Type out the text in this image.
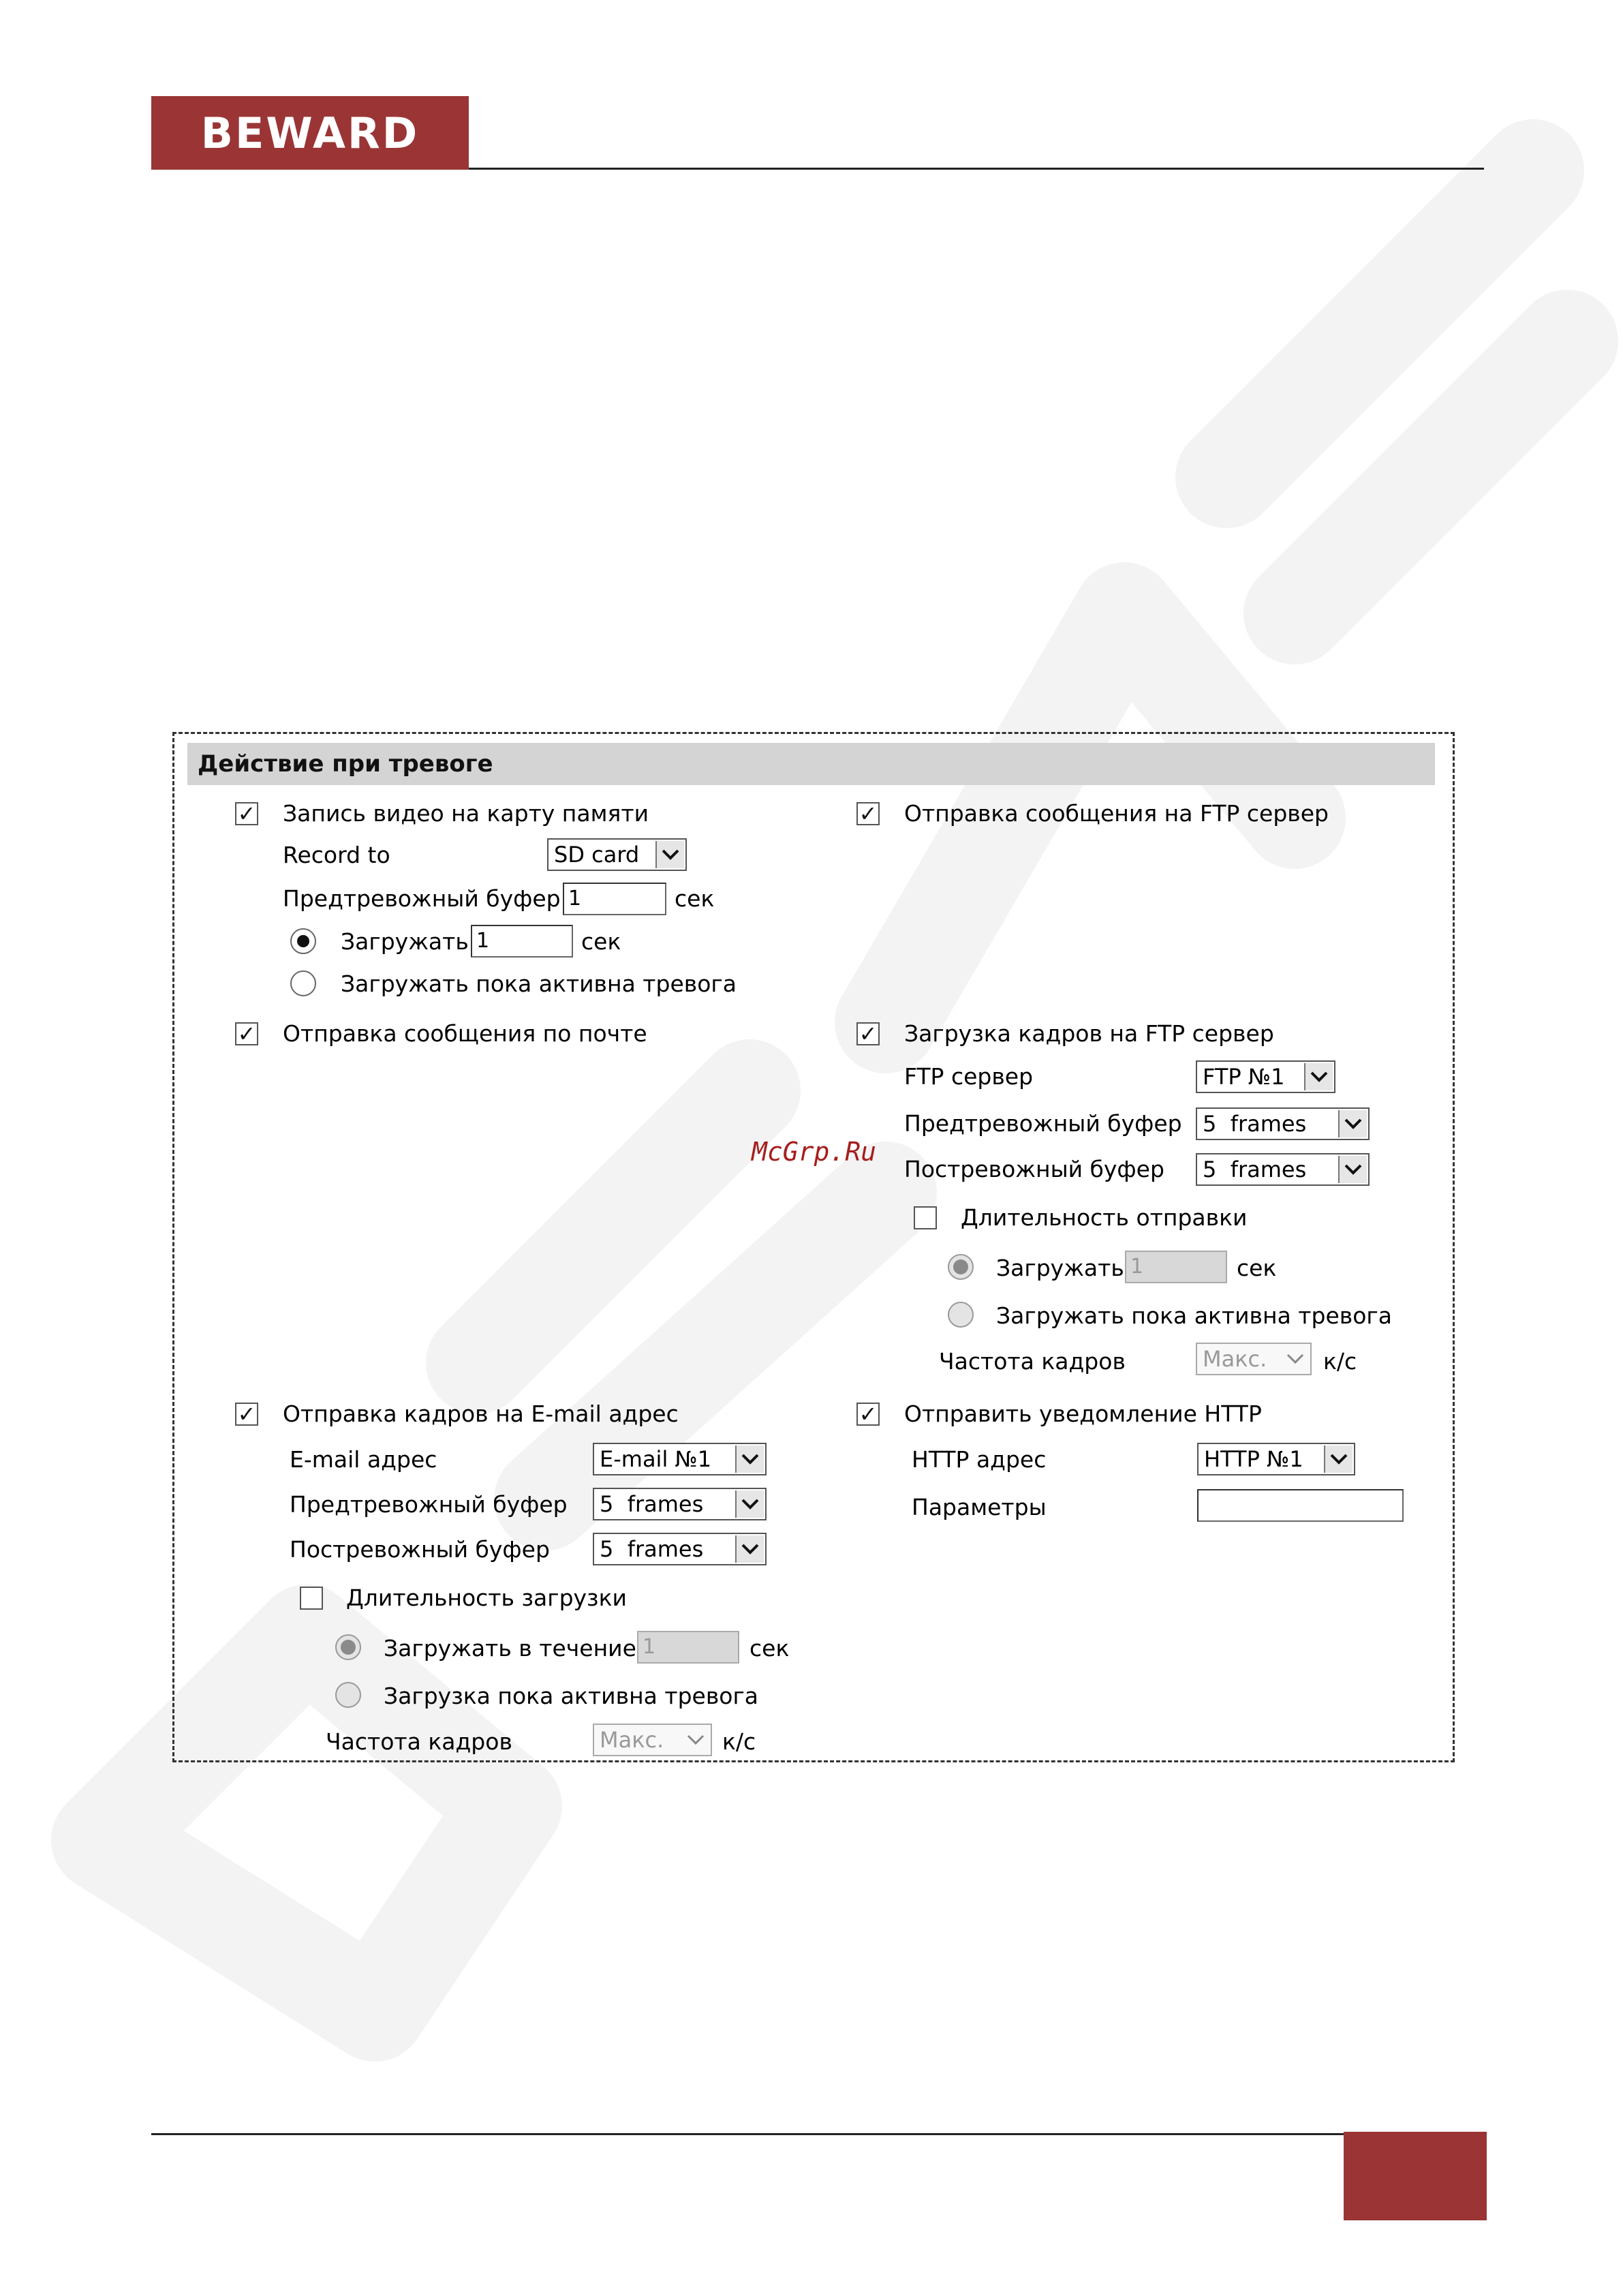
BEWARD
Действие при тревоге
✓ Запись видео на карту памяти
Record to	SD card
Предтревожный буфер 1	сек
Загружать 1	сек
Загружать пока активна тревога
✓ Отправка сообщения по почте
✓ Отправка сообщения на FTP сервер
✓ Загрузка кадров на FTP сервер
FTP сервер	FTP №1
Предтревожный буфер 5  frames
Постревожный буфер 5  frames
Длительность отправки
Загружать 1	сек
Загружать пока активна тревога
Частота кадров	Макс.	к/с
✓ Отправка кадров на E-mail адрес
E-mail адрес	E-mail №1
Предтревожный буфер 5  frames
Постревожный буфер 5  frames
Длительность загрузки
Загружать в течение 1	сек
Загрузка пока активна тревога
Частота кадров	Макс.	к/с
✓ Отправить уведомление HTTP
HTTP адрес	HTTP №1
Параметры
McGrp.Ru
